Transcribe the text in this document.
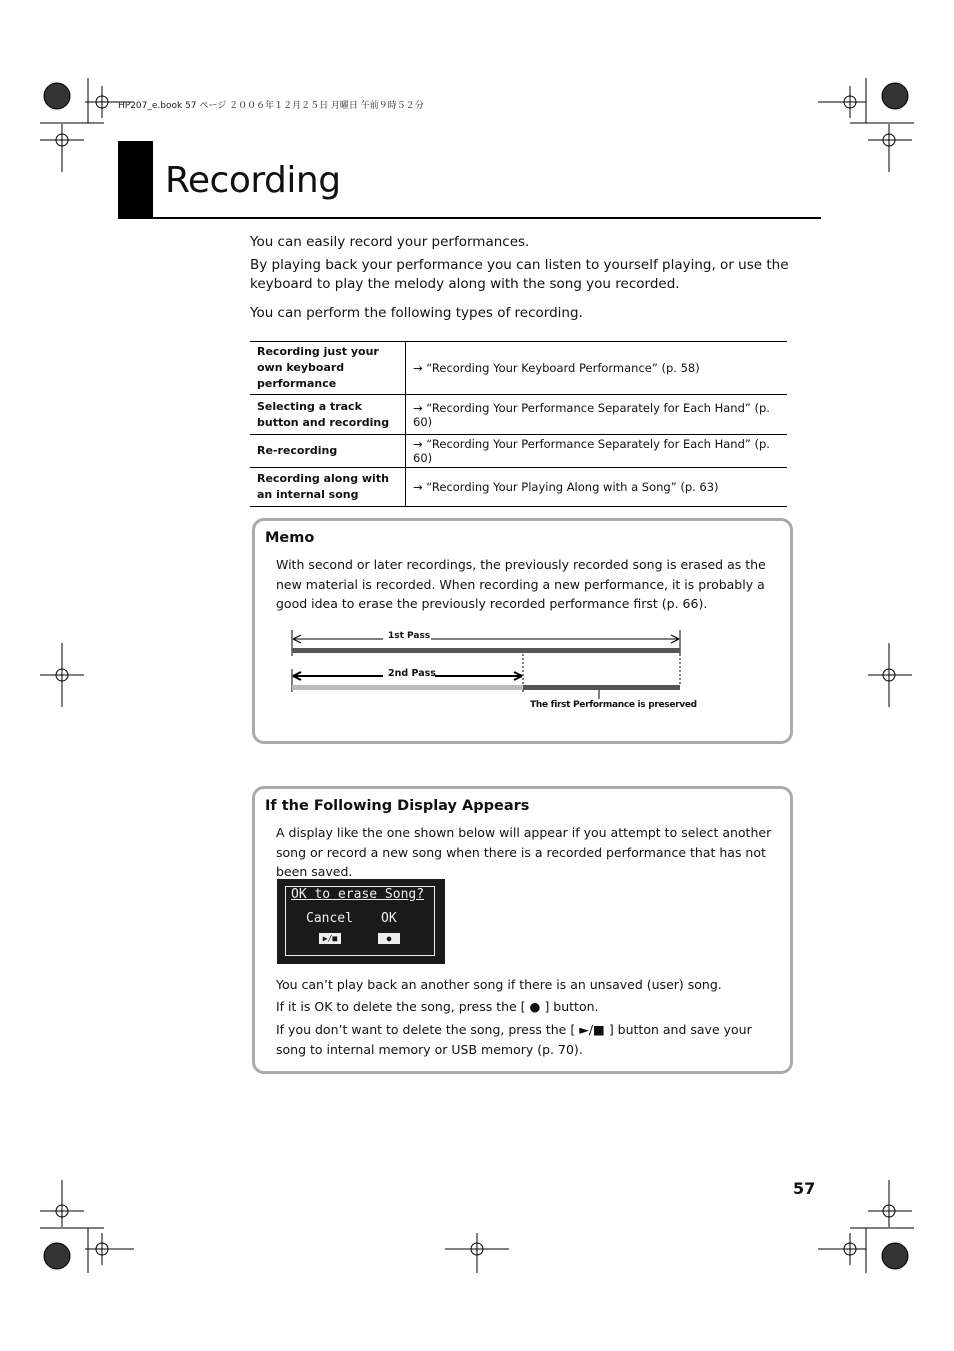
HP207_e.book 57 ページ ２００６年１２月２５日 月曜日 午前９時５２分
Recording
You can easily record your performances.
By playing back your performance you can listen to yourself playing, or use the keyboard to play the melody along with the song you recorded.
You can perform the following types of recording.
Recording just your own keyboard performance	→ “Recording Your Keyboard Performance” (p. 58)
Selecting a track button and recording	→ “Recording Your Performance Separately for Each Hand” (p. 60)
Re-recording	→ “Recording Your Performance Separately for Each Hand” (p. 60)
Recording along with an internal song	→ “Recording Your Playing Along with a Song” (p. 63)
Memo
With second or later recordings, the previously recorded song is erased as the new material is recorded. When recording a new performance, it is probably a good idea to erase the previously recorded performance first (p. 66).
1st Pass
2nd Pass
The first Performance is preserved
If the Following Display Appears
A display like the one shown below will appear if you attempt to select another song or record a new song when there is a recorded performance that has not been saved.
OK to erase Song?
Cancel OK
▶/■	●
You can’t play back an another song if there is an unsaved (user) song.
If it is OK to delete the song, press the [ ● ] button.
If you don’t want to delete the song, press the [ ►/■ ] button and save your song to internal memory or USB memory (p. 70).
57
